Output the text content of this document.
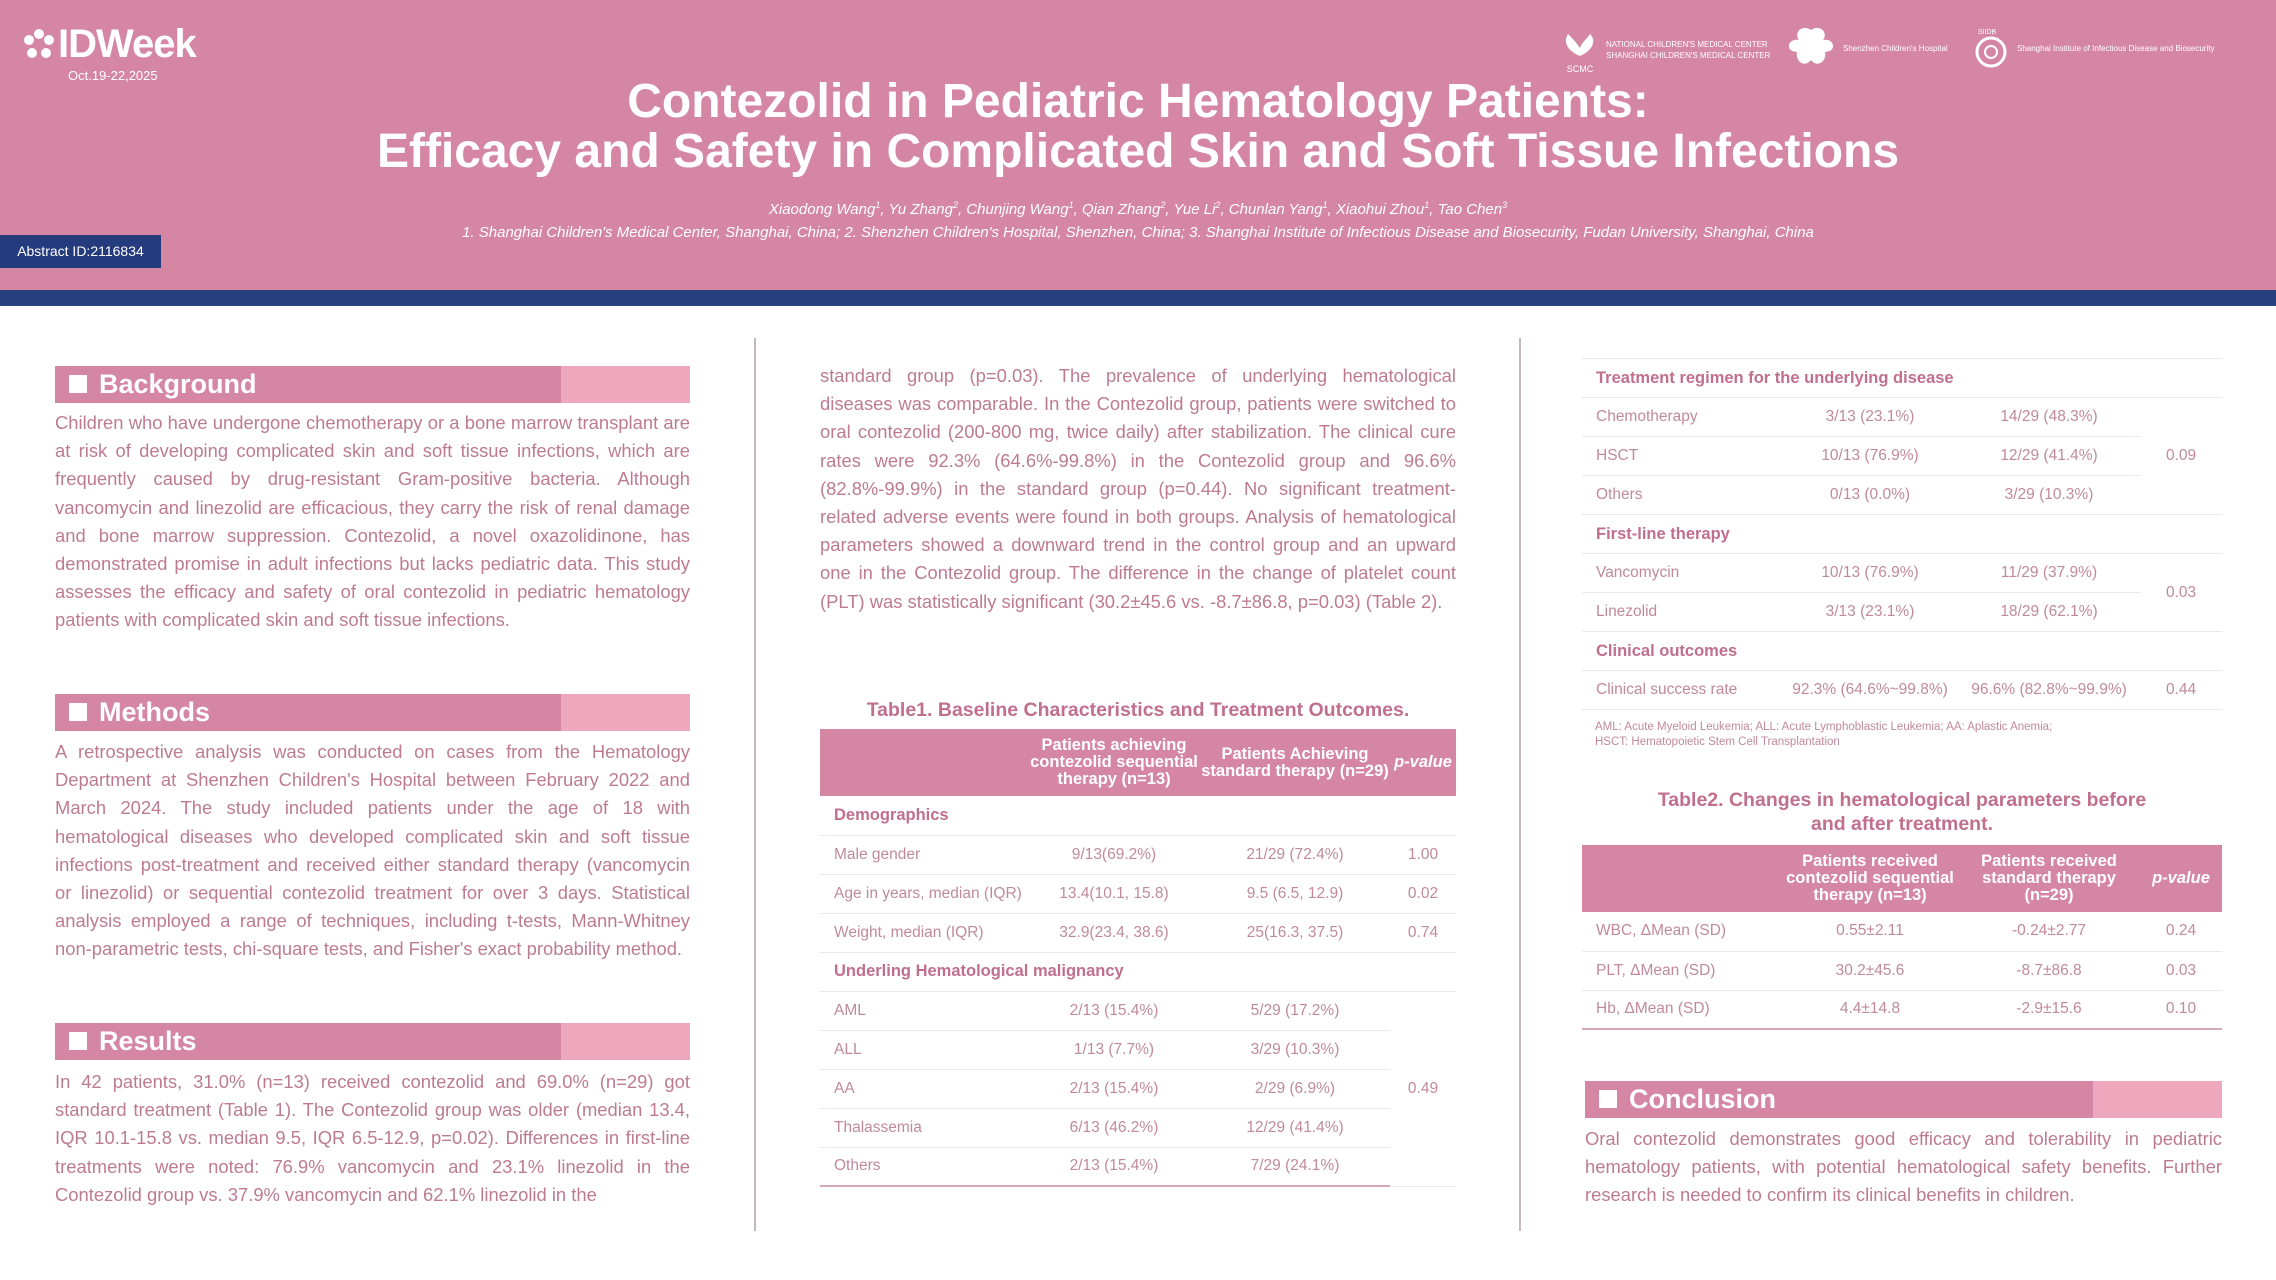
IDWeek
Oct.19-22,2025	SCMC
NATIONAL CHILDREN'S MEDICAL CENTER
SHANGHAI CHILDREN'S MEDICAL CENTER
Shenzhen Children's Hospital
SIIDB
Shanghai Institute of Infectious Disease and Biosecurity
Contezolid in Pediatric Hematology Patients:
Efficacy and Safety in Complicated Skin and Soft Tissue Infections
Xiaodong Wang$^1$, Yu Zhang$^2$, Chunjing Wang$^1$, Qian Zhang$^2$, Yue Li$^2$, Chunlan Yang$^1$, Xiaohui Zhou$^1$, Tao Chen$^3$
1. Shanghai Children's Medical Center, Shanghai, China; 2. Shenzhen Children's Hospital, Shenzhen, China; 3. Shanghai Institute of Infectious Disease and Biosecurity, Fudan University, Shanghai, China
Abstract ID:2116834
Background
Children who have undergone chemotherapy or a bone marrow transplant are at risk of developing complicated skin and soft tissue infections, which are frequently caused by drug-resistant Gram-positive bacteria. Although vancomycin and linezolid are efficacious, they carry the risk of renal damage and bone marrow suppression. Contezolid, a novel oxazolidinone, has demonstrated promise in adult infections but lacks pediatric data. This study assesses the efficacy and safety of oral contezolid in pediatric hematology patients with complicated skin and soft tissue infections.
Methods
A retrospective analysis was conducted on cases from the Hematology Department at Shenzhen Children's Hospital between February 2022 and March 2024. The study included patients under the age of 18 with hematological diseases who developed complicated skin and soft tissue infections post-treatment and received either standard therapy (vancomycin or linezolid) or sequential contezolid treatment for over 3 days. Statistical analysis employed a range of techniques, including t-tests, Mann-Whitney non-parametric tests, chi-square tests, and Fisher's exact probability method.
Results
In 42 patients, 31.0% (n=13) received contezolid and 69.0% (n=29) got standard treatment (Table 1). The Contezolid group was older (median 13.4, IQR 10.1-15.8 vs. median 9.5, IQR 6.5-12.9, p=0.02). Differences in first-line treatments were noted: 76.9% vancomycin and 23.1% linezolid in the Contezolid group vs. 37.9% vancomycin and 62.1% linezolid in the
standard group (p=0.03). The prevalence of underlying hematological diseases was comparable. In the Contezolid group, patients were switched to oral contezolid (200-800 mg, twice daily) after stabilization. The clinical cure rates were 92.3% (64.6%-99.8%) in the Contezolid group and 96.6% (82.8%-99.9%) in the standard group (p=0.44). No significant treatment-related adverse events were found in both groups. Analysis of hematological parameters showed a downward trend in the control group and an upward one in the Contezolid group. The difference in the change of platelet count (PLT) was statistically significant (30.2±45.6 vs. -8.7±86.8, p=0.03) (Table 2).
Table1. Baseline Characteristics and Treatment Outcomes.
	Patients achieving contezolid sequential therapy (n=13)	Patients Achieving standard therapy (n=29)	p-value
Demographics			
Male gender	9/13(69.2%)	21/29 (72.4%)	1.00
Age in years, median (IQR)	13.4(10.1, 15.8)	9.5 (6.5, 12.9)	0.02
Weight, median (IQR)	32.9(23.4, 38.6)	25(16.3, 37.5)	0.74
Underling Hematological malignancy			
AML	2/13 (15.4%)	5/29 (17.2%)	0.49
ALL	1/13 (7.7%)	3/29 (10.3%)	
AA	2/13 (15.4%)	2/29 (6.9%)	
Thalassemia	6/13 (46.2%)	12/29 (41.4%)	
Others	2/13 (15.4%)	7/29 (24.1%)	
Treatment regimen for the underlying disease			
Chemotherapy	3/13 (23.1%)	14/29 (48.3%)	0.09
HSCT	10/13 (76.9%)	12/29 (41.4%)	
Others	0/13 (0.0%)	3/29 (10.3%)	
First-line therapy			
Vancomycin	10/13 (76.9%)	11/29 (37.9%)	0.03
Linezolid	3/13 (23.1%)	18/29 (62.1%)	
Clinical outcomes			
Clinical success rate	92.3% (64.6%~99.8%)	96.6% (82.8%~99.9%)	0.44
AML: Acute Myeloid Leukemia; ALL: Acute Lymphoblastic Leukemia; AA: Aplastic Anemia;
HSCT: Hematopoietic Stem Cell Transplantation
Table2. Changes in hematological parameters before
and after treatment.
	Patients received contezolid sequential therapy (n=13)	Patients received standard therapy (n=29)	p-value
WBC, ΔMean (SD)	0.55±2.11	-0.24±2.77	0.24
PLT, ΔMean (SD)	30.2±45.6	-8.7±86.8	0.03
Hb, ΔMean (SD)	4.4±14.8	-2.9±15.6	0.10
Conclusion
Oral contezolid demonstrates good efficacy and tolerability in pediatric hematology patients, with potential hematological safety benefits. Further research is needed to confirm its clinical benefits in children.
